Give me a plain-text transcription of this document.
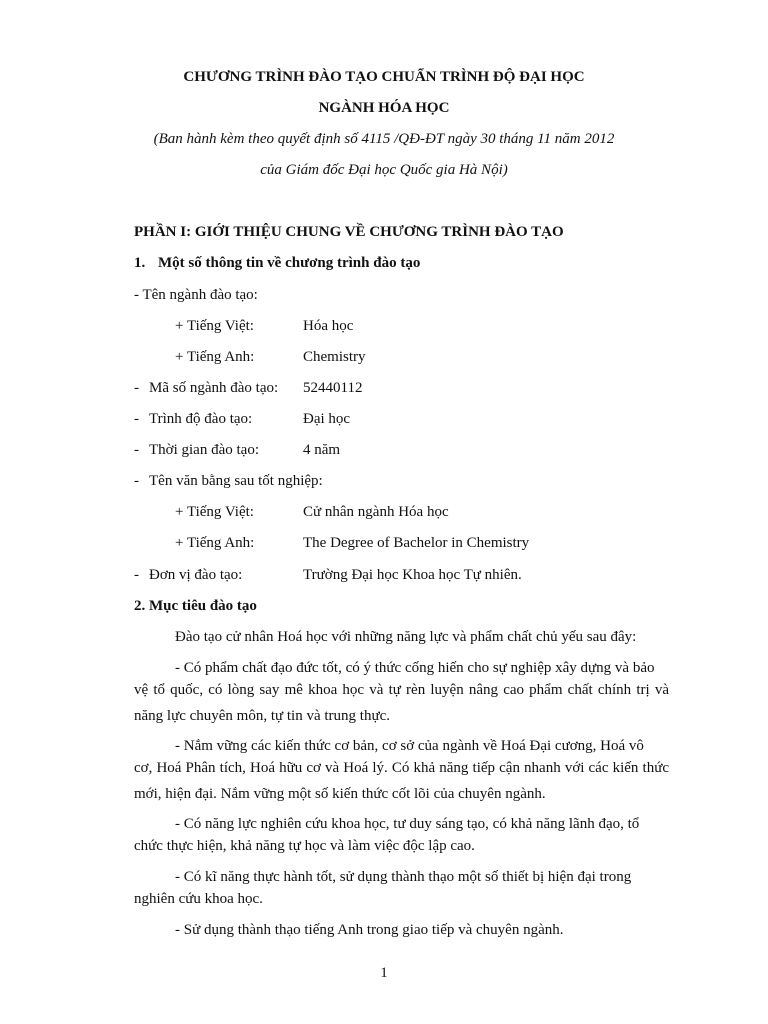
CHƯƠNG TRÌNH ĐÀO TẠO CHUẨN TRÌNH ĐỘ ĐẠI HỌC
NGÀNH HÓA HỌC
(Ban hành kèm theo quyết định số 4115 /QĐ-ĐT ngày 30 tháng 11 năm 2012
của Giám đốc Đại học Quốc gia Hà Nội)
PHẦN I: GIỚI THIỆU CHUNG VỀ CHƯƠNG TRÌNH ĐÀO TẠO
1. Một số thông tin về chương trình đào tạo
- Tên ngành đào tạo:
+ Tiếng Việt:	Hóa học
+ Tiếng Anh:	Chemistry
- Mã số ngành đào tạo: 52440112
- Trình độ đào tạo:	Đại học
- Thời gian đào tạo:	4 năm
- Tên văn bằng sau tốt nghiệp:
+ Tiếng Việt:	Cử nhân ngành Hóa học
+ Tiếng Anh:	The Degree of Bachelor in Chemistry
- Đơn vị đào tạo:	Trường Đại học Khoa học Tự nhiên.
2. Mục tiêu đào tạo
Đào tạo cử nhân Hoá học với những năng lực và phẩm chất chủ yếu sau đây:
- Có phẩm chất đạo đức tốt, có ý thức cống hiến cho sự nghiệp xây dựng và bảo
vệ tổ quốc, có lòng say mê khoa học và tự rèn luyện nâng cao phẩm chất chính trị và năng lực chuyên môn, tự tin và trung thực.
- Nắm vững các kiến thức cơ bản, cơ sở của ngành về Hoá Đại cương, Hoá vô
cơ, Hoá Phân tích, Hoá hữu cơ và Hoá lý. Có khả năng tiếp cận nhanh với các kiến thức mới, hiện đại. Nắm vững một số kiến thức cốt lõi của chuyên ngành.
- Có năng lực nghiên cứu khoa học, tư duy sáng tạo, có khả năng lãnh đạo, tổ
chức thực hiện, khả năng tự học và làm việc độc lập cao.
- Có kĩ năng thực hành tốt, sử dụng thành thạo một số thiết bị hiện đại trong
nghiên cứu khoa học.
- Sử dụng thành thạo tiếng Anh trong giao tiếp và chuyên ngành.
1
